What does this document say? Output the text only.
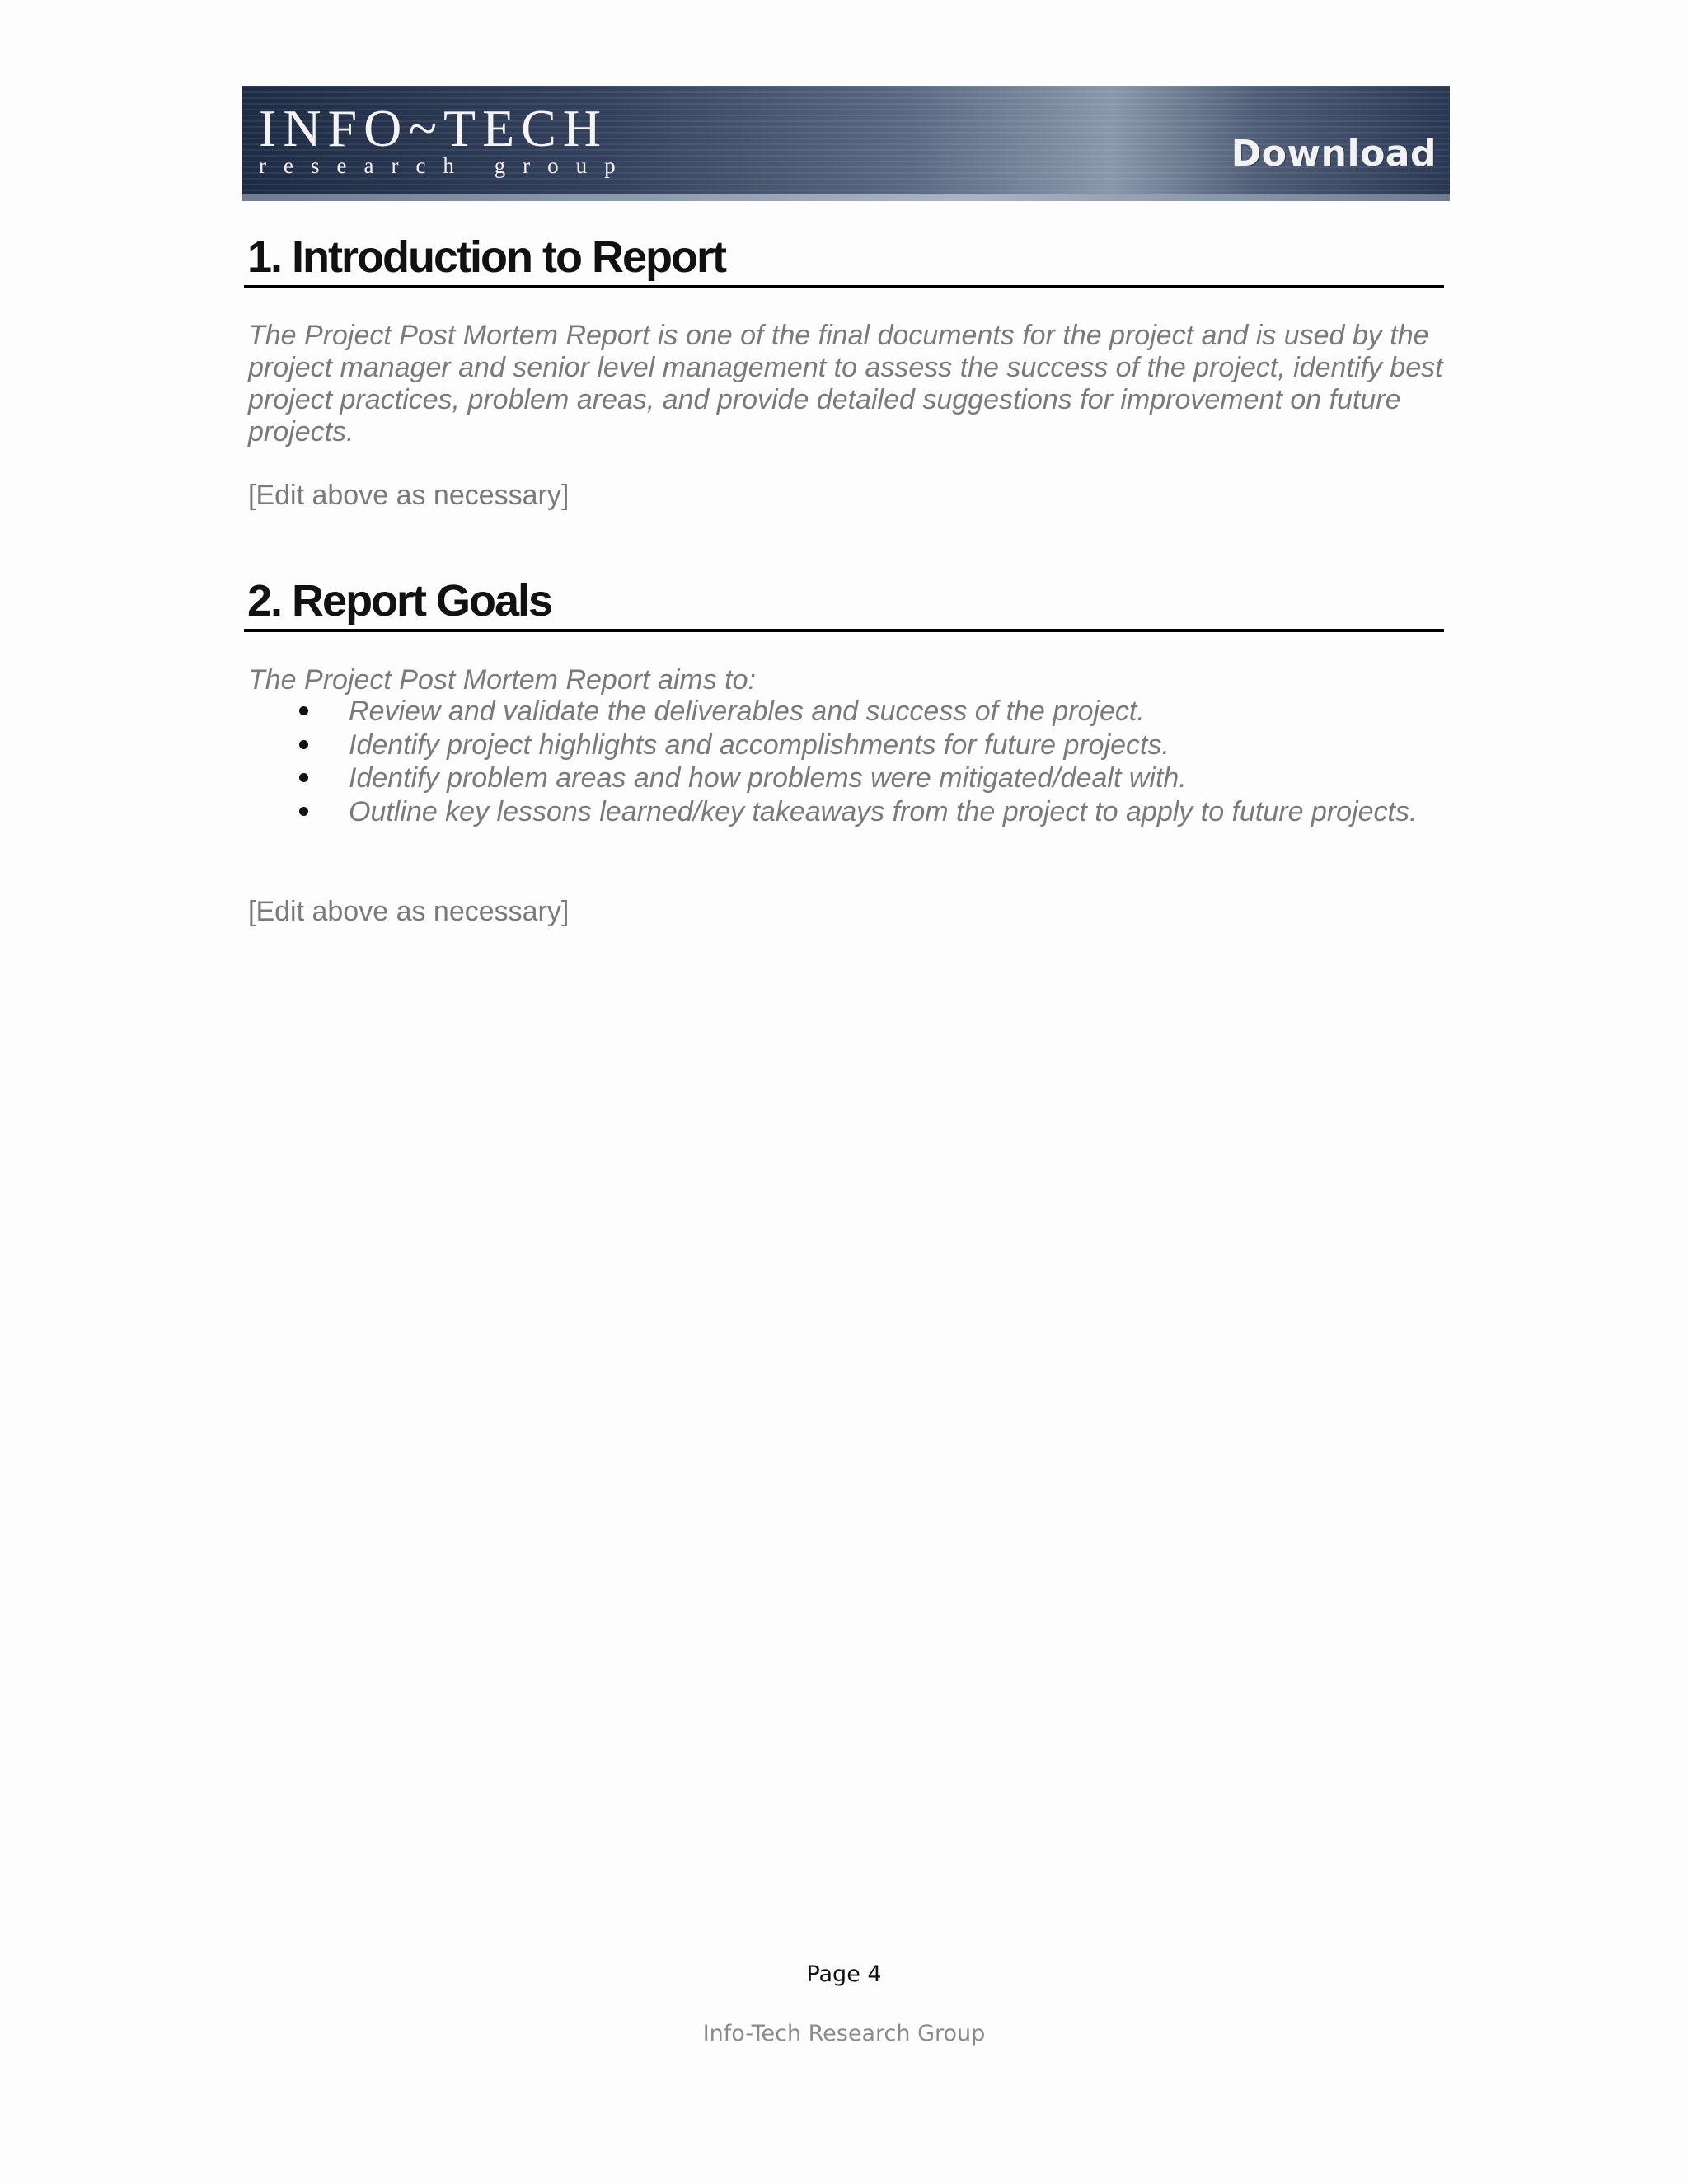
INFO~TECH
research group	Download
1. Introduction to Report

The Project Post Mortem Report is one of the final documents for the project and is used by the project manager and senior level management to assess the success of the project, identify best project practices, problem areas, and provide detailed suggestions for improvement on future projects.

[Edit above as necessary]

2. Report Goals

The Project Post Mortem Report aims to:

Review and validate the deliverables and success of the project.
Identify project highlights and accomplishments for future projects.
Identify problem areas and how problems were mitigated/dealt with.
Outline key lessons learned/key takeaways from the project to apply to future projects.

[Edit above as necessary]

Page 4
Info-Tech Research Group
